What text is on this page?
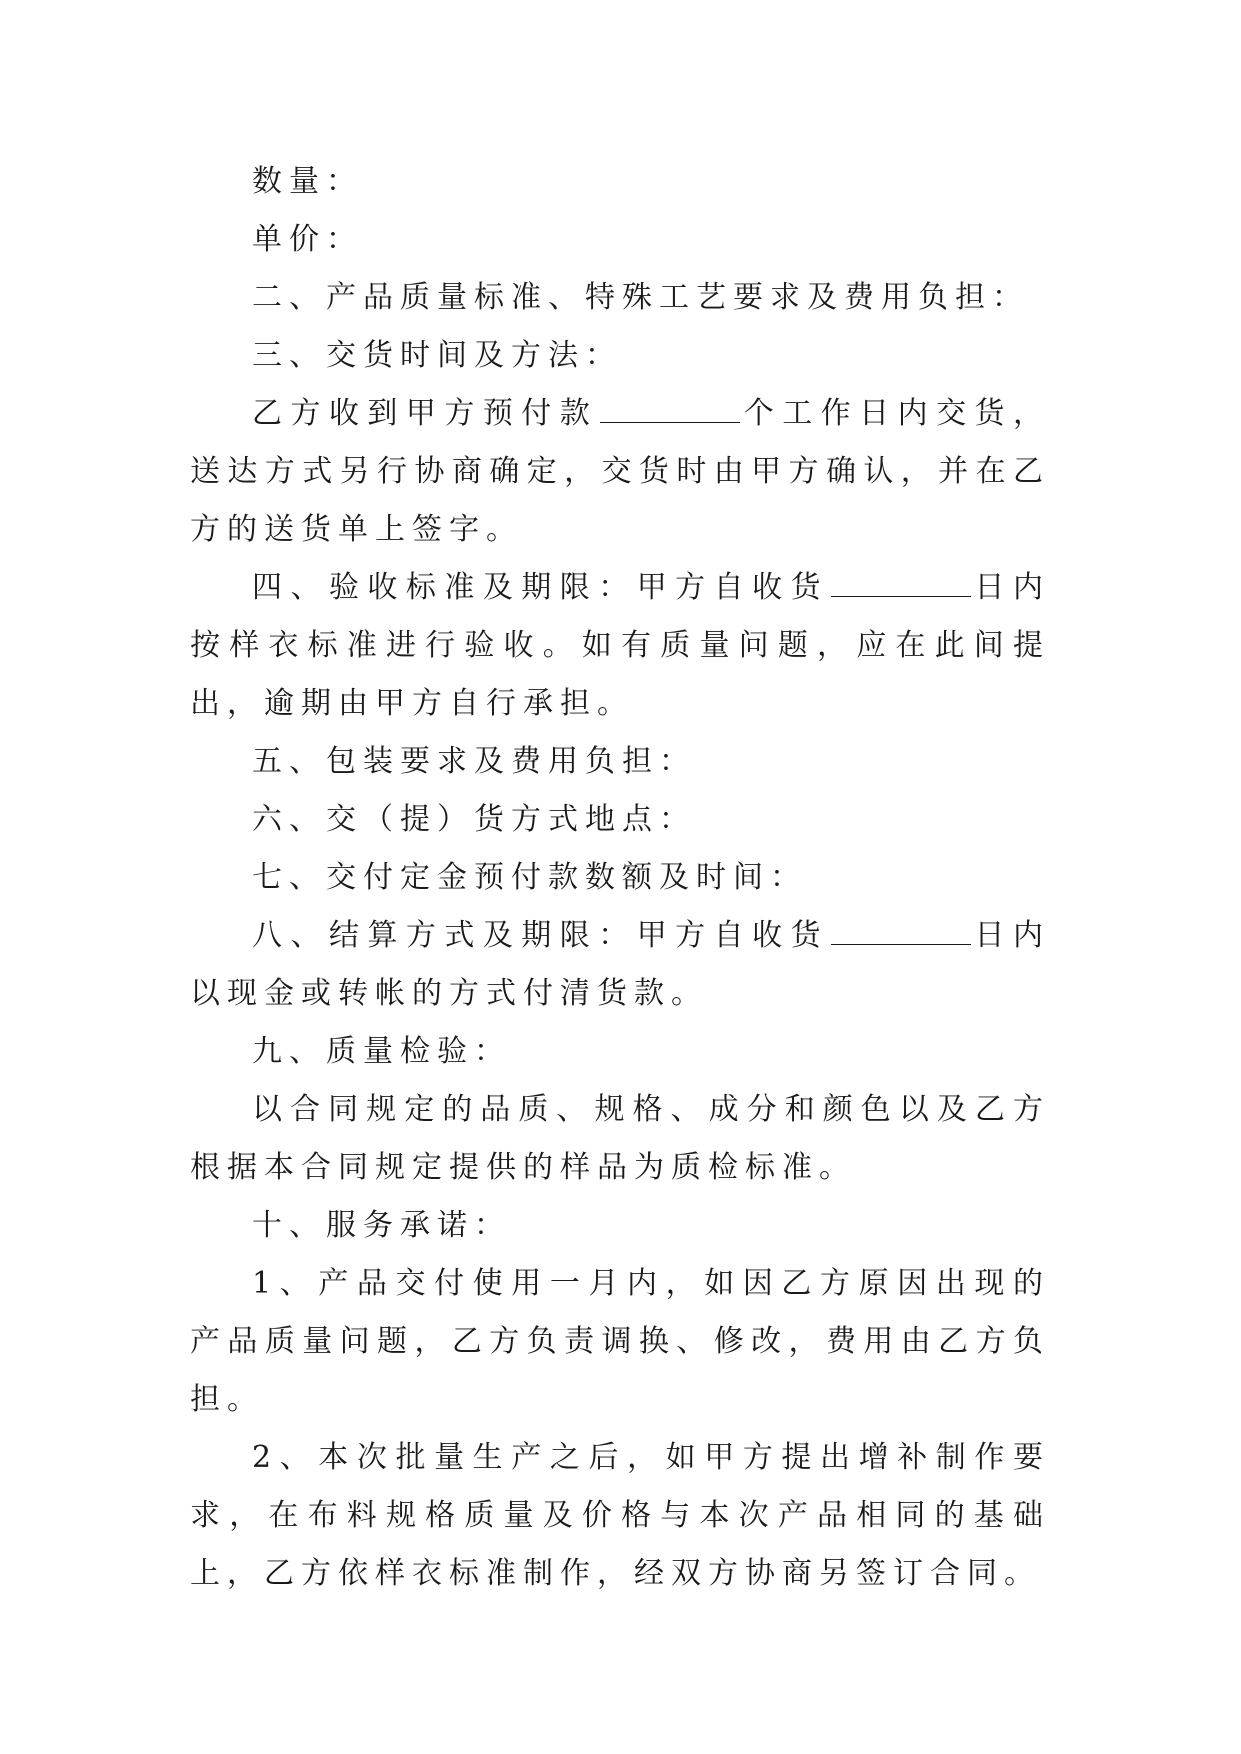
数量：

单价：

二、产品质量标准、特殊工艺要求及费用负担：

三、交货时间及方法：

乙方收到甲方预付款	个工作日内交货，送达方式另行协商确定，交货时由甲方确认，并在乙方的送货单上签字。

四、验收标准及期限：甲方自收货	日内按样衣标准进行验收。如有质量问题，应在此间提出，逾期由甲方自行承担。

五、包装要求及费用负担：

六、交（提）货方式地点：

七、交付定金预付款数额及时间：

八、结算方式及期限：甲方自收货	日内以现金或转帐的方式付清货款。

九、质量检验：

以合同规定的品质、规格、成分和颜色以及乙方根据本合同规定提供的样品为质检标准。

十、服务承诺：

1、产品交付使用一月内，如因乙方原因出现的产品质量问题，乙方负责调换、修改，费用由乙方负担。

2、本次批量生产之后，如甲方提出增补制作要求，在布料规格质量及价格与本次产品相同的基础上，乙方依样衣标准制作，经双方协商另签订合同。
